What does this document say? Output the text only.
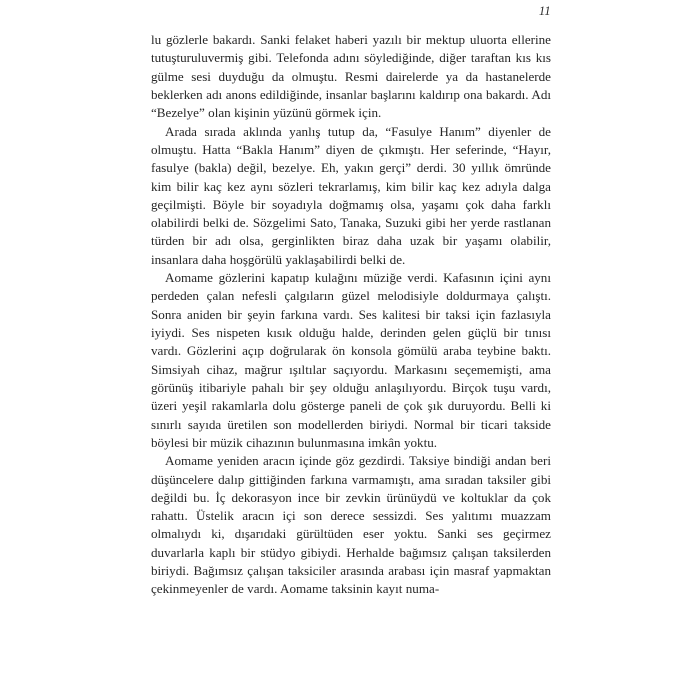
11

lu gözlerle bakardı. Sanki felaket haberi yazılı bir mektup uluorta ellerine tutuşturuluvermiş gibi. Telefonda adını söylediğinde, diğer taraftan kıs kıs gülme sesi duyduğu da olmuştu. Resmi dairelerde ya da hastanelerde beklerken adı anons edildiğinde, insanlar başlarını kaldırıp ona bakardı. Adı “Bezelye” olan kişinin yüzünü görmek için.

Arada sırada aklında yanlış tutup da, “Fasulye Hanım” diyenler de olmuştu. Hatta “Bakla Hanım” diyen de çıkmıştı. Her seferinde, “Hayır, fasulye (bakla) değil, bezelye. Eh, yakın gerçi” derdi. 30 yıllık ömründe kim bilir kaç kez aynı sözleri tekrarlamış, kim bilir kaç kez adıyla dalga geçilmişti. Böyle bir soyadıyla doğmamış olsa, yaşamı çok daha farklı olabilirdi belki de. Sözgelimi Sato, Tanaka, Suzuki gibi her yerde rastlanan türden bir adı olsa, gerginlikten biraz daha uzak bir yaşamı olabilir, insanlara daha hoşgörülü yaklaşabilirdi belki de.

Aomame gözlerini kapatıp kulağını müziğe verdi. Kafasının içini aynı perdeden çalan nefesli çalgıların güzel melodisiyle doldurmaya çalıştı. Sonra aniden bir şeyin farkına vardı. Ses kalitesi bir taksi için fazlasıyla iyiydi. Ses nispeten kısık olduğu halde, derinden gelen güçlü bir tınısı vardı. Gözlerini açıp doğrularak ön konsola gömülü araba teybine baktı. Simsiyah cihaz, mağrur ışıltılar saçıyordu. Markasını seçememişti, ama görünüş itibariyle pahalı bir şey olduğu anlaşılıyordu. Birçok tuşu vardı, üzeri yeşil rakamlarla dolu gösterge paneli de çok şık duruyordu. Belli ki sınırlı sayıda üretilen son modellerden biriydi. Normal bir ticari takside böylesi bir müzik cihazının bulunmasına imkân yoktu.

Aomame yeniden aracın içinde göz gezdirdi. Taksiye bindiği andan beri düşüncelere dalıp gittiğinden farkına varmamıştı, ama sıradan taksiler gibi değildi bu. İç dekorasyon ince bir zevkin ürünüydü ve koltuklar da çok rahattı. Üstelik aracın içi son derece sessizdi. Ses yalıtımı muazzam olmalıydı ki, dışarıdaki gürültüden eser yoktu. Sanki ses geçirmez duvarlarla kaplı bir stüdyo gibiydi. Herhalde bağımsız çalışan taksilerden biriydi. Bağımsız çalışan taksiciler arasında arabası için masraf yapmaktan çekinmeyenler de vardı. Aomame taksinin kayıt numa-
